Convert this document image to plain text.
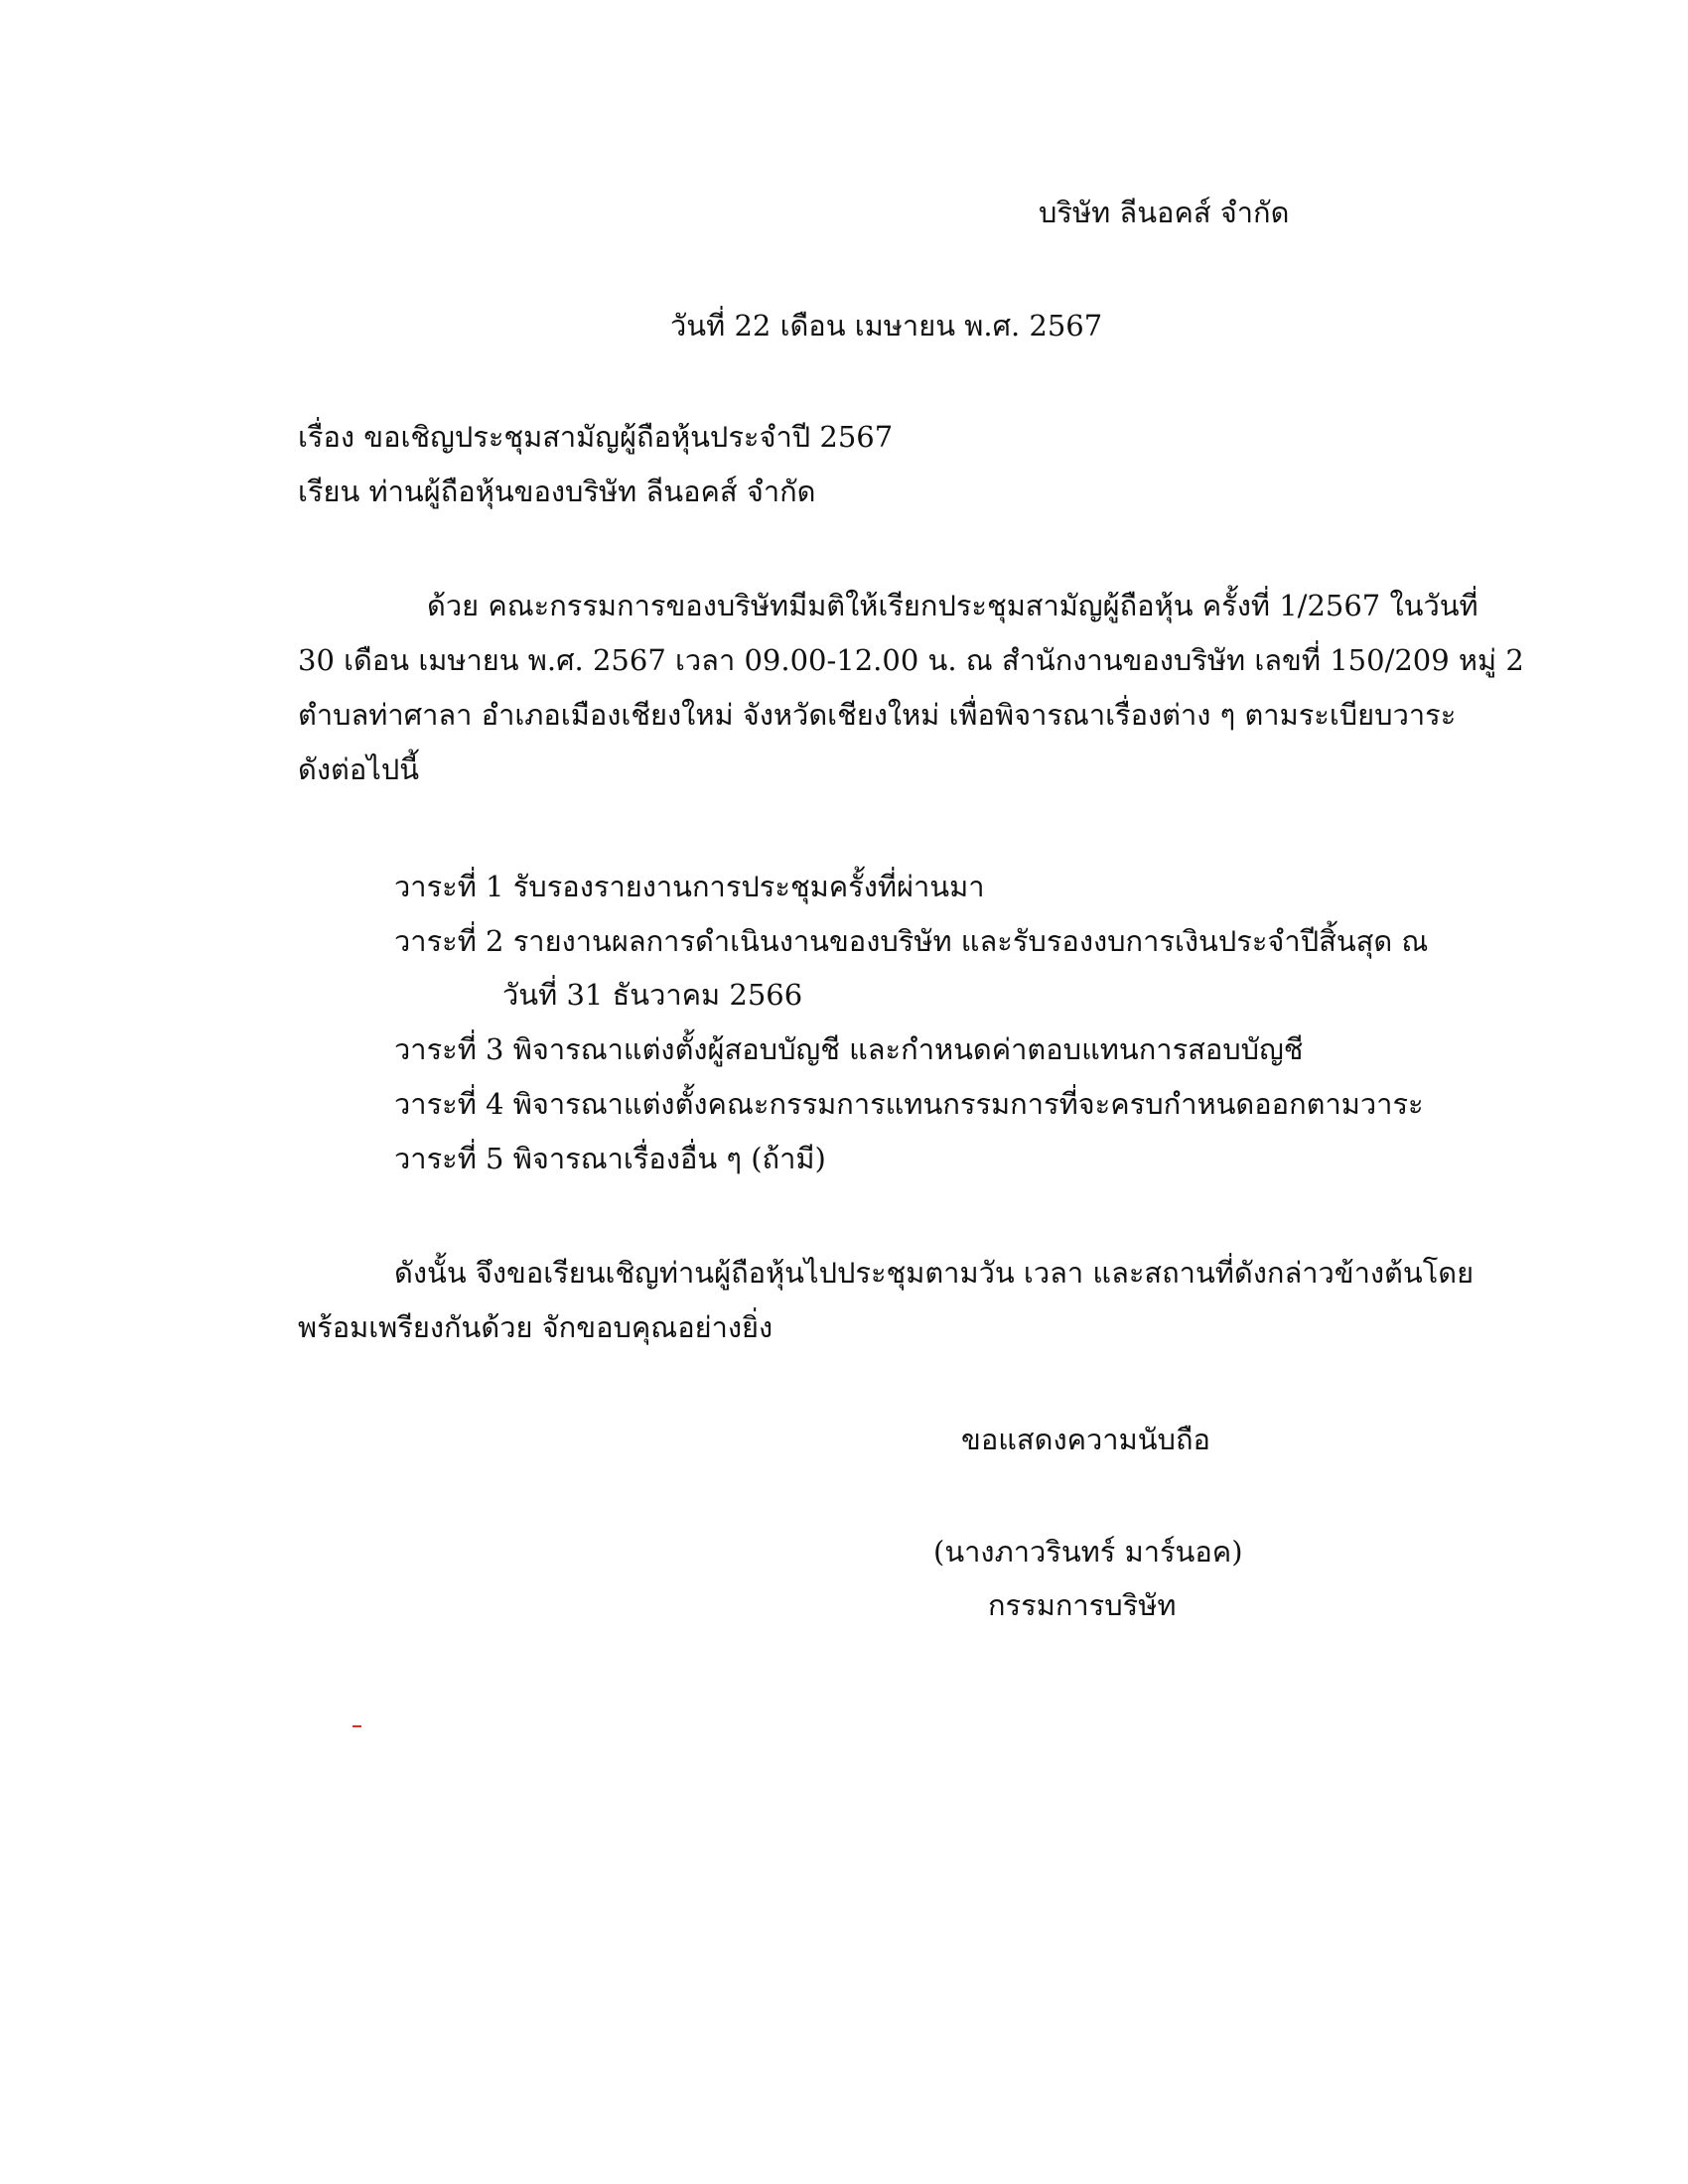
บริษัท ลีนอคส์ จำกัด
วันที่ 22 เดือน เมษายน พ.ศ. 2567
เรื่อง ขอเชิญประชุมสามัญผู้ถือหุ้นประจำปี 2567
เรียน ท่านผู้ถือหุ้นของบริษัท ลีนอคส์ จำกัด
ด้วย คณะกรรมการของบริษัทมีมติให้เรียกประชุมสามัญผู้ถือหุ้น ครั้งที่ 1/2567 ในวันที่
30 เดือน เมษายน พ.ศ. 2567 เวลา 09.00-12.00 น. ณ สำนักงานของบริษัท เลขที่ 150/209 หมู่ 2
ตำบลท่าศาลา อำเภอเมืองเชียงใหม่ จังหวัดเชียงใหม่ เพื่อพิจารณาเรื่องต่าง ๆ ตามระเบียบวาระ
ดังต่อไปนี้
วาระที่ 1 รับรองรายงานการประชุมครั้งที่ผ่านมา
วาระที่ 2 รายงานผลการดำเนินงานของบริษัท และรับรองงบการเงินประจำปีสิ้นสุด ณ
วันที่ 31 ธันวาคม 2566
วาระที่ 3 พิจารณาแต่งตั้งผู้สอบบัญชี และกำหนดค่าตอบแทนการสอบบัญชี
วาระที่ 4 พิจารณาแต่งตั้งคณะกรรมการแทนกรรมการที่จะครบกำหนดออกตามวาระ
วาระที่ 5 พิจารณาเรื่องอื่น ๆ (ถ้ามี)
ดังนั้น จึงขอเรียนเชิญท่านผู้ถือหุ้นไปประชุมตามวัน เวลา และสถานที่ดังกล่าวข้างต้นโดย
พร้อมเพรียงกันด้วย จักขอบคุณอย่างยิ่ง
ขอแสดงความนับถือ
(นางภาวรินทร์ มาร์นอค)
กรรมการบริษัท
